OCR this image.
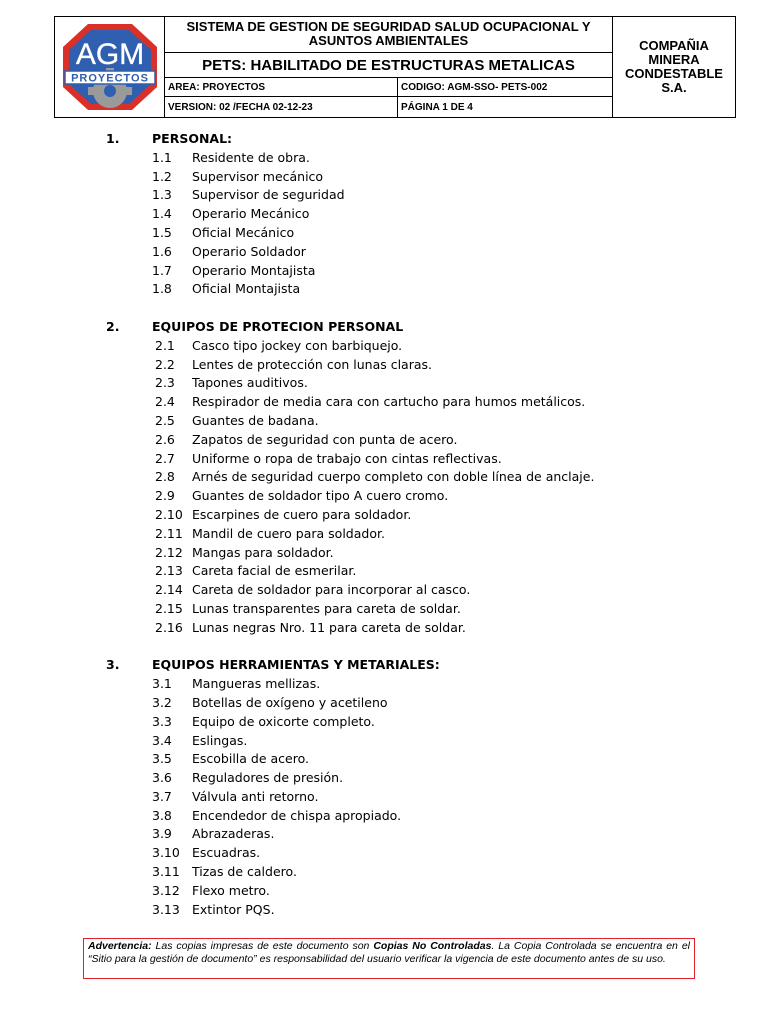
AGM
PROYECTOS
SISTEMA DE GESTION DE SEGURIDAD SALUD OCUPACIONAL Y ASUNTOS AMBIENTALES
PETS: HABILITADO DE ESTRUCTURAS METALICAS
AREA: PROYECTOS	CODIGO: AGM-SSO- PETS-002
VERSION: 02 /FECHA 02-12-23	PÁGINA 1 DE 4
COMPAÑIA MINERA CONDESTABLE S.A.
1.	PERSONAL:
1.1	Residente de obra.
1.2	Supervisor mecánico
1.3	Supervisor de seguridad
1.4	Operario Mecánico
1.5	Oficial Mecánico
1.6	Operario Soldador
1.7	Operario Montajista
1.8	Oficial Montajista
2.	EQUIPOS DE PROTECION PERSONAL
2.1	Casco tipo jockey con barbiquejo.
2.2	Lentes de protección con lunas claras.
2.3	Tapones auditivos.
2.4	Respirador de media cara con cartucho para humos metálicos.
2.5	Guantes de badana.
2.6	Zapatos de seguridad con punta de acero.
2.7	Uniforme o ropa de trabajo con cintas reflectivas.
2.8	Arnés de seguridad cuerpo completo con doble línea de anclaje.
2.9	Guantes de soldador tipo A cuero cromo.
2.10 Escarpines de cuero para soldador.
2.11 Mandil de cuero para soldador.
2.12 Mangas para soldador.
2.13 Careta facial de esmerilar.
2.14 Careta de soldador para incorporar al casco.
2.15 Lunas transparentes para careta de soldar.
2.16 Lunas negras Nro. 11 para careta de soldar.
3.	EQUIPOS HERRAMIENTAS Y METARIALES:
3.1	Mangueras mellizas.
3.2	Botellas de oxígeno y acetileno
3.3	Equipo de oxicorte completo.
3.4	Eslingas.
3.5	Escobilla de acero.
3.6	Reguladores de presión.
3.7	Válvula anti retorno.
3.8	Encendedor de chispa apropiado.
3.9	Abrazaderas.
3.10 Escuadras.
3.11 Tizas de caldero.
3.12 Flexo metro.
3.13 Extintor PQS.
Advertencia: Las copias impresas de este documento son Copias No Controladas. La Copia Controlada se encuentra en el “Sitio para la gestión de documento” es responsabilidad del usuario verificar la vigencia de este documento antes de su uso.
